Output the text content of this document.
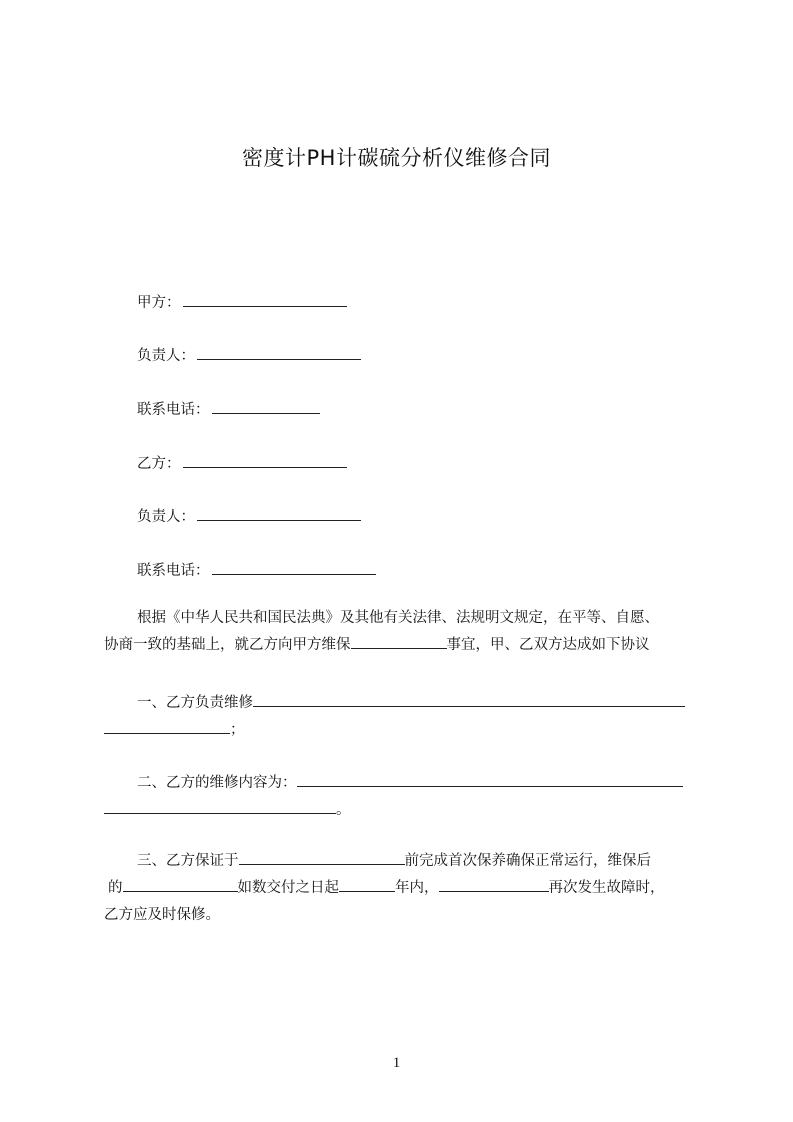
密度计PH计碳硫分析仪维修合同
甲方：
负责人：
联系电话：
乙方：
负责人：
联系电话：
根据《中华人民共和国民法典》及其他有关法律、法规明文规定，在平等、自愿、
协商一致的基础上，就乙方向甲方维保	事宜，甲、乙双方达成如下协议
一、乙方负责维修
；
二、乙方的维修内容为：
。
三、乙方保证于	前完成首次保养确保正常运行，维保后
的	如数交付之日起	年内，	再次发生故障时，
乙方应及时保修。
1
